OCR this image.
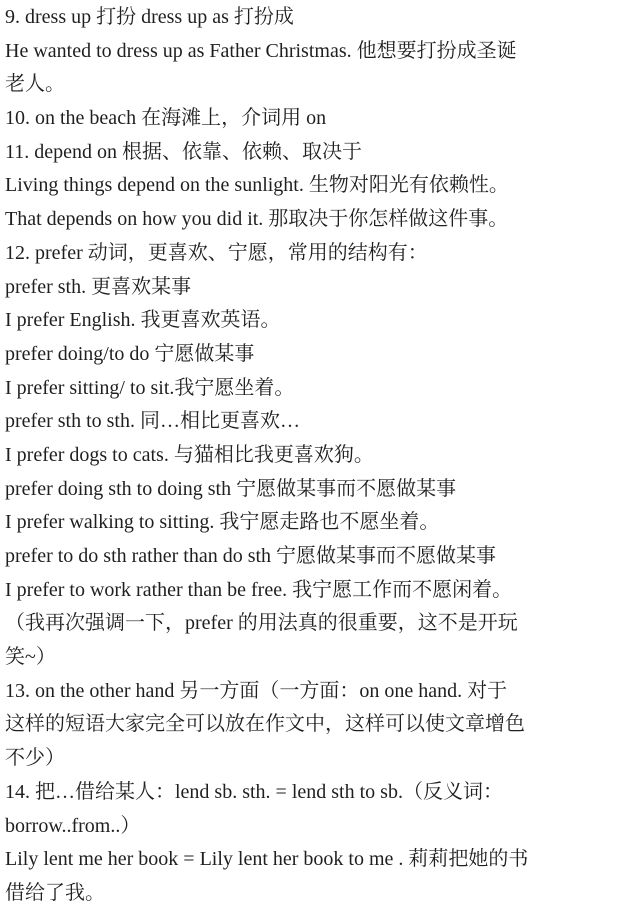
9. dress up 打扮 dress up as 打扮成
He wanted to dress up as Father Christmas. 他想要打扮成圣诞
老人。
10. on the beach 在海滩上，介词用 on
11. depend on 根据、依靠、依赖、取决于
Living things depend on the sunlight. 生物对阳光有依赖性。
That depends on how you did it. 那取决于你怎样做这件事。
12. prefer 动词，更喜欢、宁愿，常用的结构有：
prefer sth. 更喜欢某事
I prefer English. 我更喜欢英语。
prefer doing/to do 宁愿做某事
I prefer sitting/ to sit.我宁愿坐着。
prefer sth to sth. 同…相比更喜欢…
I prefer dogs to cats. 与猫相比我更喜欢狗。
prefer doing sth to doing sth 宁愿做某事而不愿做某事
I prefer walking to sitting. 我宁愿走路也不愿坐着。
prefer to do sth rather than do sth 宁愿做某事而不愿做某事
I prefer to work rather than be free. 我宁愿工作而不愿闲着。
（我再次强调一下，prefer 的用法真的很重要，这不是开玩
笑~）
13. on the other hand 另一方面（一方面：on one hand. 对于
这样的短语大家完全可以放在作文中，这样可以使文章增色
不少）
14. 把…借给某人：lend sb. sth. = lend sth to sb.（反义词：
borrow..from..）
Lily lent me her book = Lily lent her book to me . 莉莉把她的书
借给了我。
